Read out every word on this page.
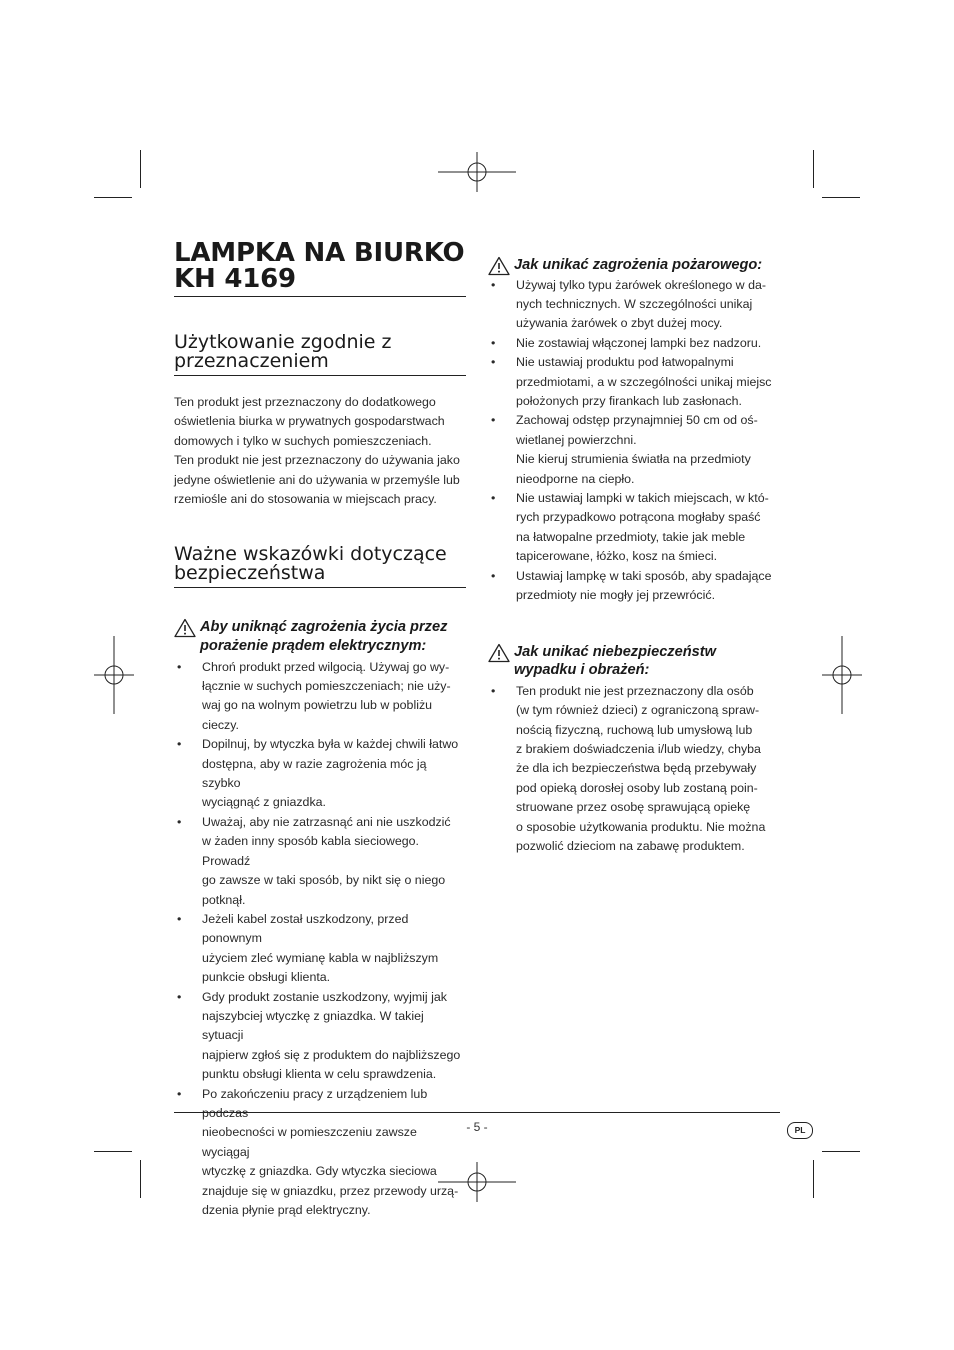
LAMPKA NA BIURKO
KH 4169
Użytkowanie zgodnie z
przeznaczeniem

Ten produkt jest przeznaczony do dodatkowego
oświetlenia biurka w prywatnych gospodarstwach
domowych i tylko w suchych pomieszczeniach.
Ten produkt nie jest przeznaczony do używania jako
jedyne oświetlenie ani do używania w przemyśle lub
rzemiośle ani do stosowania w miejscach pracy.

Ważne wskazówki dotyczące
bezpieczeństwa

Aby uniknąć zagrożenia życia przez
porażenie prądem elektrycznym:

• Chroń produkt przed wilgocią. Używaj go wy-
łącznie w suchych pomieszczeniach; nie uży-
waj go na wolnym powietrzu lub w pobliżu
cieczy.
• Dopilnuj, by wtyczka była w każdej chwili łatwo
dostępna, aby w razie zagrożenia móc ją szybko
wyciągnąć z gniazdka.
• Uważaj, aby nie zatrzasnąć ani nie uszkodzić
w żaden inny sposób kabla sieciowego. Prowadź
go zawsze w taki sposób, by nikt się o niego
potknął.
• Jeżeli kabel został uszkodzony, przed ponownym
użyciem zleć wymianę kabla w najbliższym
punkcie obsługi klienta.
• Gdy produkt zostanie uszkodzony, wyjmij jak
najszybciej wtyczkę z gniazdka. W takiej sytuacji
najpierw zgłoś się z produktem do najbliższego
punktu obsługi klienta w celu sprawdzenia.
• Po zakończeniu pracy z urządzeniem lub podczas
nieobecności w pomieszczeniu zawsze wyciągaj
wtyczkę z gniazdka. Gdy wtyczka sieciowa
znajduje się w gniazdku, przez przewody urzą-
dzenia płynie prąd elektryczny.

Jak unikać zagrożenia pożarowego:

• Używaj tylko typu żarówek określonego w da-
nych technicznych. W szczególności unikaj
używania żarówek o zbyt dużej mocy.
• Nie zostawiaj włączonej lampki bez nadzoru.
• Nie ustawiaj produktu pod łatwopalnymi
przedmiotami, a w szczególności unikaj miejsc
położonych przy firankach lub zasłonach.
• Zachowaj odstęp przynajmniej 50 cm od oś-
wietlanej powierzchni.
Nie kieruj strumienia światła na przedmioty
nieodporne na ciepło.
• Nie ustawiaj lampki w takich miejscach, w któ-
rych przypadkowo potrącona mogłaby spaść
na łatwopalne przedmioty, takie jak meble
tapicerowane, łóżko, kosz na śmieci.
• Ustawiaj lampkę w taki sposób, aby spadające
przedmioty nie mogły jej przewrócić.

Jak unikać niebezpieczeństw
wypadku i obrażeń:

• Ten produkt nie jest przeznaczony dla osób
(w tym również dzieci) z ograniczoną spraw-
nością fizyczną, ruchową lub umysłową lub
z brakiem doświadczenia i/lub wiedzy, chyba
że dla ich bezpieczeństwa będą przebywały
pod opieką dorosłej osoby lub zostaną poin-
struowane przez osobę sprawującą opiekę
o sposobie użytkowania produktu. Nie można
pozwolić dzieciom na zabawę produktem.
- 5 -	PL
